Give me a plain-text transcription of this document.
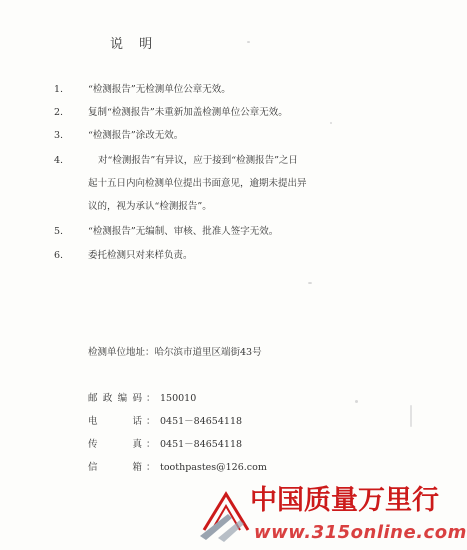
说 明
1.	“检测报告”无检测单位公章无效。
2.	复制“检测报告”未重新加盖检测单位公章无效。
3.	“检测报告”涂改无效。
4.	对“检测报告”有异议，应于接到“检测报告”之日
起十五日内向检测单位提出书面意见，逾期未提出异
议的，视为承认“检测报告”。
5.	“检测报告”无编制、审核、批准人签字无效。
6.	委托检测只对来样负责。
检测单位地址：哈尔滨市道里区端街43号
邮 政 编 码 ： 150010
电	话 ： 0451－84654118
传	真 ： 0451－84654118
信	箱 ： toothpastes@126.com
中国质量万里行
www.315online.com
